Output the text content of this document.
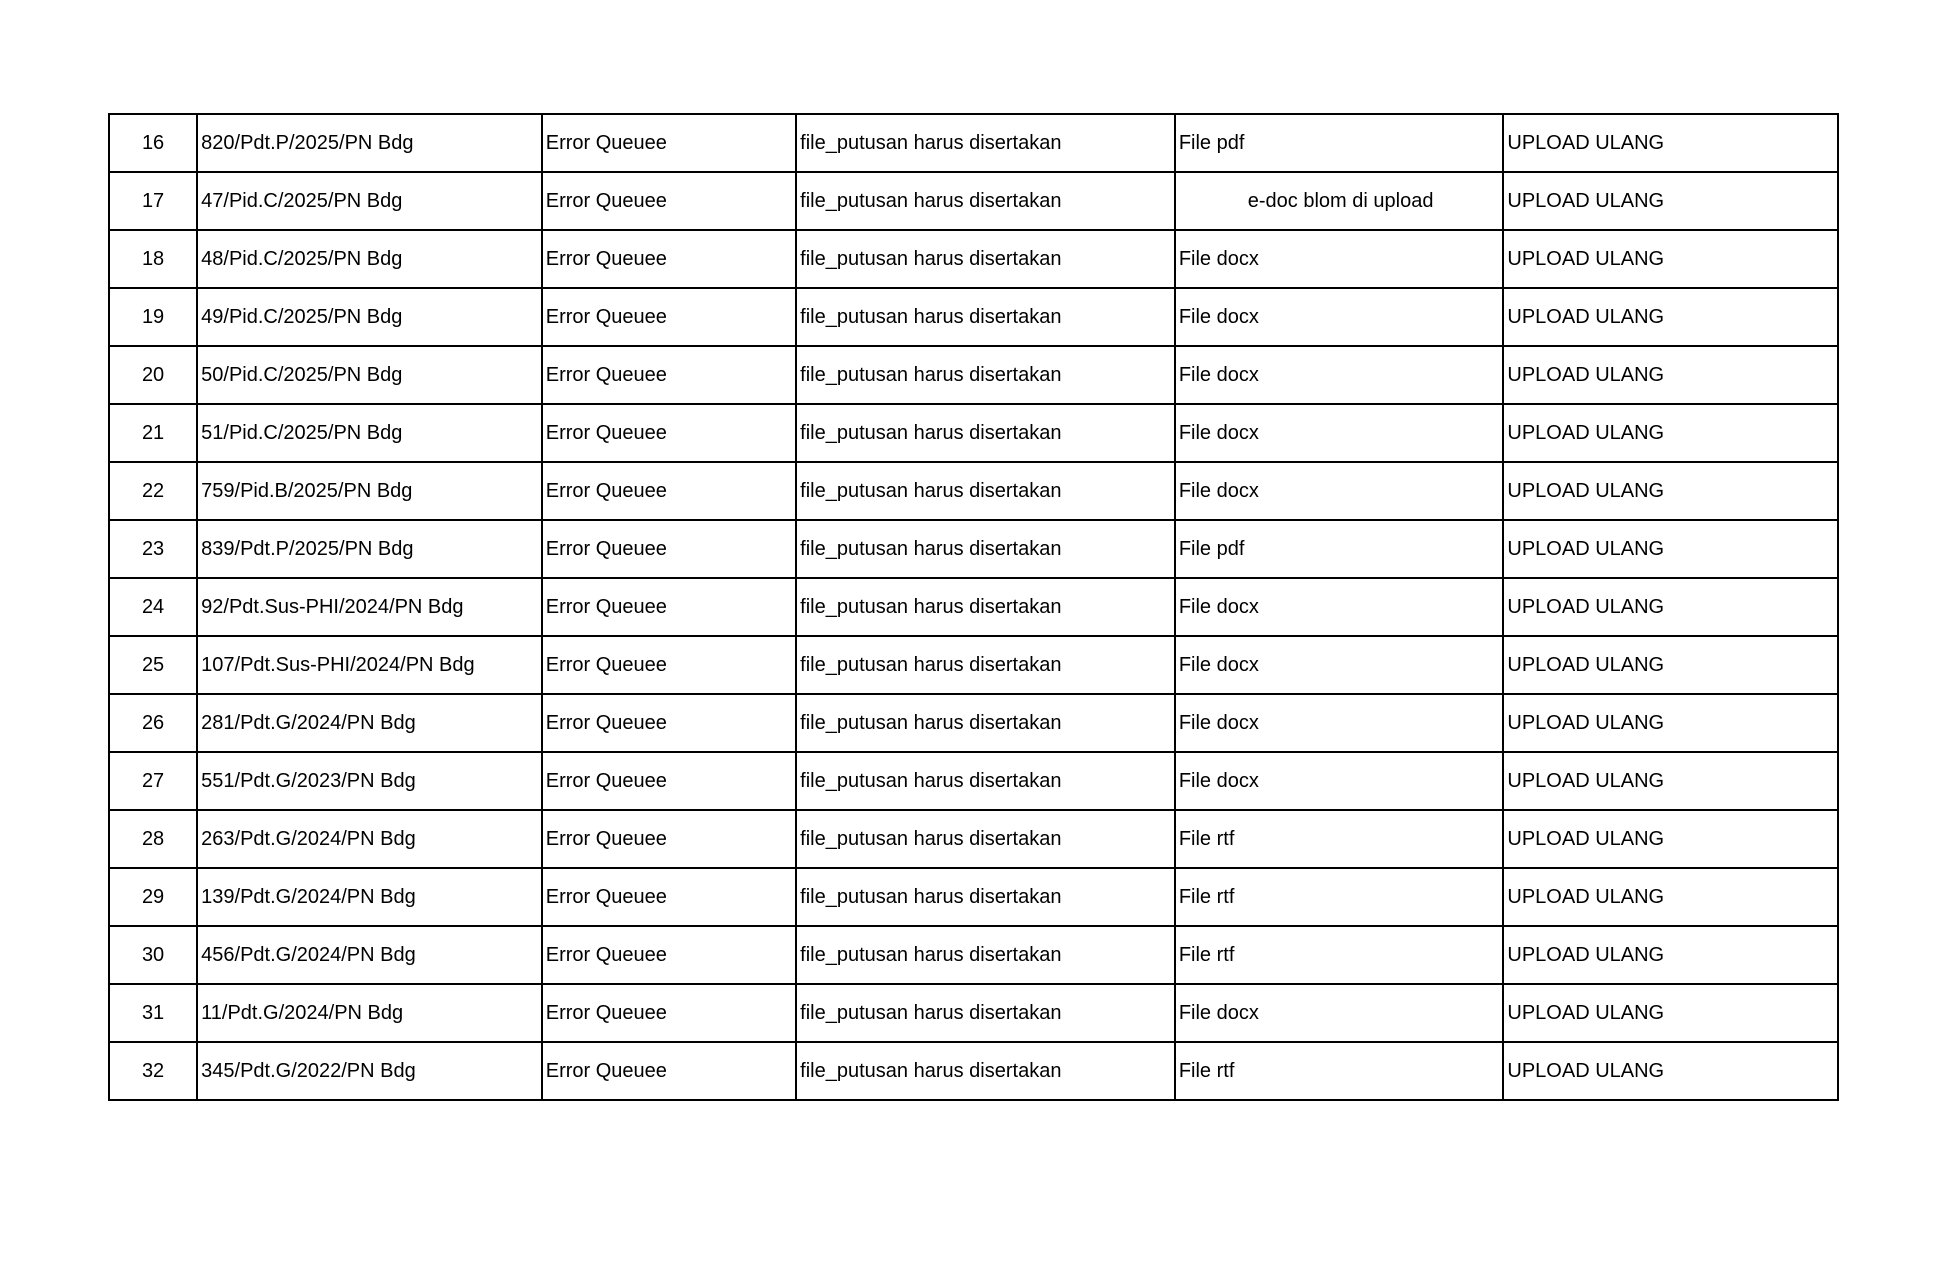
16	820/Pdt.P/2025/PN Bdg	Error Queuee	file_putusan harus disertakan	File pdf	UPLOAD ULANG
17	47/Pid.C/2025/PN Bdg	Error Queuee	file_putusan harus disertakan	e-doc blom di upload	UPLOAD ULANG
18	48/Pid.C/2025/PN Bdg	Error Queuee	file_putusan harus disertakan	File docx	UPLOAD ULANG
19	49/Pid.C/2025/PN Bdg	Error Queuee	file_putusan harus disertakan	File docx	UPLOAD ULANG
20	50/Pid.C/2025/PN Bdg	Error Queuee	file_putusan harus disertakan	File docx	UPLOAD ULANG
21	51/Pid.C/2025/PN Bdg	Error Queuee	file_putusan harus disertakan	File docx	UPLOAD ULANG
22	759/Pid.B/2025/PN Bdg	Error Queuee	file_putusan harus disertakan	File docx	UPLOAD ULANG
23	839/Pdt.P/2025/PN Bdg	Error Queuee	file_putusan harus disertakan	File pdf	UPLOAD ULANG
24	92/Pdt.Sus-PHI/2024/PN Bdg	Error Queuee	file_putusan harus disertakan	File docx	UPLOAD ULANG
25	107/Pdt.Sus-PHI/2024/PN Bdg	Error Queuee	file_putusan harus disertakan	File docx	UPLOAD ULANG
26	281/Pdt.G/2024/PN Bdg	Error Queuee	file_putusan harus disertakan	File docx	UPLOAD ULANG
27	551/Pdt.G/2023/PN Bdg	Error Queuee	file_putusan harus disertakan	File docx	UPLOAD ULANG
28	263/Pdt.G/2024/PN Bdg	Error Queuee	file_putusan harus disertakan	File rtf	UPLOAD ULANG
29	139/Pdt.G/2024/PN Bdg	Error Queuee	file_putusan harus disertakan	File rtf	UPLOAD ULANG
30	456/Pdt.G/2024/PN Bdg	Error Queuee	file_putusan harus disertakan	File rtf	UPLOAD ULANG
31	11/Pdt.G/2024/PN Bdg	Error Queuee	file_putusan harus disertakan	File docx	UPLOAD ULANG
32	345/Pdt.G/2022/PN Bdg	Error Queuee	file_putusan harus disertakan	File rtf	UPLOAD ULANG
